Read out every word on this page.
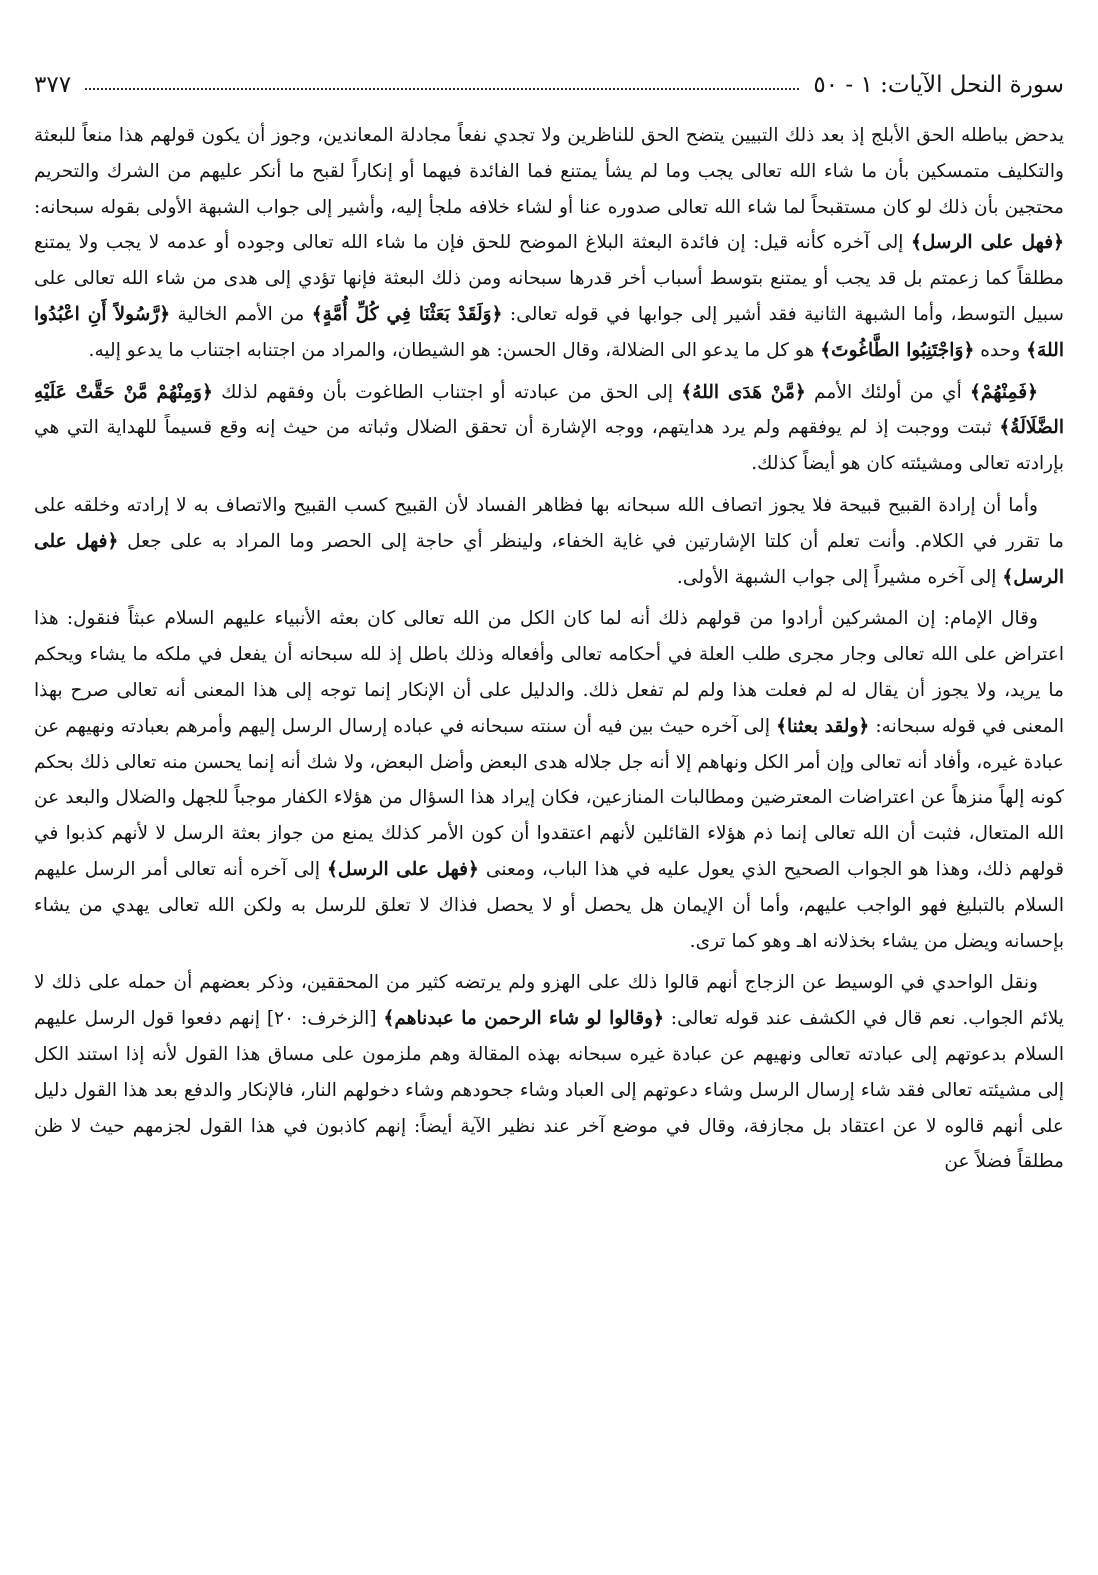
سورة النحل الآيات: ١ - ٥٠
٣٧٧

يدحض بباطله الحق الأبلج إذ بعد ذلك التبيين يتضح الحق للناظرين ولا تجدي نفعاً مجادلة المعاندين، وجوز أن يكون قولهم هذا منعاً للبعثة والتكليف متمسكين بأن ما شاء الله تعالى يجب وما لم يشأ يمتنع فما الفائدة فيهما أو إنكاراً لقبح ما أنكر عليهم من الشرك والتحريم محتجين بأن ذلك لو كان مستقبحاً لما شاء الله تعالى صدوره عنا أو لشاء خلافه ملجأ إليه، وأشير إلى جواب الشبهة الأولى بقوله سبحانه: ﴿فهل على الرسل﴾ إلى آخره كأنه قيل: إن فائدة البعثة البلاغ الموضح للحق فإن ما شاء الله تعالى وجوده أو عدمه لا يجب ولا يمتنع مطلقاً كما زعمتم بل قد يجب أو يمتنع بتوسط أسباب أخر قدرها سبحانه ومن ذلك البعثة فإنها تؤدي إلى هدى من شاء الله تعالى على سبيل التوسط، وأما الشبهة الثانية فقد أشير إلى جوابها في قوله تعالى: ﴿وَلَقَدْ بَعَثْنَا فِي كُلِّ أُمَّةٍ﴾ من الأمم الخالية ﴿رَّسُولاً أَنِ اعْبُدُوا اللهَ﴾ وحده ﴿وَاجْتَنِبُوا الطَّاغُوتَ﴾ هو كل ما يدعو الى الضلالة، وقال الحسن: هو الشيطان، والمراد من اجتنابه اجتناب ما يدعو إليه.

﴿فَمِنْهُمْ﴾ أي من أولئك الأمم ﴿مَّنْ هَدَى اللهُ﴾ إلى الحق من عبادته أو اجتناب الطاغوت بأن وفقهم لذلك ﴿وَمِنْهُمْ مَّنْ حَقَّتْ عَلَيْهِ الضَّلَالَةُ﴾ ثبتت ووجبت إذ لم يوفقهم ولم يرد هدايتهم، ووجه الإشارة أن تحقق الضلال وثباته من حيث إنه وقع قسيماً للهداية التي هي بإرادته تعالى ومشيئته كان هو أيضاً كذلك.

وأما أن إرادة القبيح قبيحة فلا يجوز اتصاف الله سبحانه بها فظاهر الفساد لأن القبيح كسب القبيح والاتصاف به لا إرادته وخلقه على ما تقرر في الكلام. وأنت تعلم أن كلتا الإشارتين في غاية الخفاء، ولينظر أي حاجة إلى الحصر وما المراد به على جعل ﴿فهل على الرسل﴾ إلى آخره مشيراً إلى جواب الشبهة الأولى.

وقال الإمام: إن المشركين أرادوا من قولهم ذلك أنه لما كان الكل من الله تعالى كان بعثه الأنبياء عليهم السلام عبثاً فنقول: هذا اعتراض على الله تعالى وجار مجرى طلب العلة في أحكامه تعالى وأفعاله وذلك باطل إذ لله سبحانه أن يفعل في ملكه ما يشاء ويحكم ما يريد، ولا يجوز أن يقال له لم فعلت هذا ولم لم تفعل ذلك. والدليل على أن الإنكار إنما توجه إلى هذا المعنى أنه تعالى صرح بهذا المعنى في قوله سبحانه: ﴿ولقد بعثنا﴾ إلى آخره حيث بين فيه أن سنته سبحانه في عباده إرسال الرسل إليهم وأمرهم بعبادته ونهيهم عن عبادة غيره، وأفاد أنه تعالى وإن أمر الكل ونهاهم إلا أنه جل جلاله هدى البعض وأضل البعض، ولا شك أنه إنما يحسن منه تعالى ذلك بحكم كونه إلهاً منزهاً عن اعتراضات المعترضين ومطالبات المنازعين، فكان إيراد هذا السؤال من هؤلاء الكفار موجباً للجهل والضلال والبعد عن الله المتعال، فثبت أن الله تعالى إنما ذم هؤلاء القائلين لأنهم اعتقدوا أن كون الأمر كذلك يمنع من جواز بعثة الرسل لا لأنهم كذبوا في قولهم ذلك، وهذا هو الجواب الصحيح الذي يعول عليه في هذا الباب، ومعنى ﴿فهل على الرسل﴾ إلى آخره أنه تعالى أمر الرسل عليهم السلام بالتبليغ فهو الواجب عليهم، وأما أن الإيمان هل يحصل أو لا يحصل فذاك لا تعلق للرسل به ولكن الله تعالى يهدي من يشاء بإحسانه ويضل من يشاء بخذلانه اهـ وهو كما ترى.

ونقل الواحدي في الوسيط عن الزجاج أنهم قالوا ذلك على الهزو ولم يرتضه كثير من المحققين، وذكر بعضهم أن حمله على ذلك لا يلائم الجواب. نعم قال في الكشف عند قوله تعالى: ﴿وقالوا لو شاء الرحمن ما عبدناهم﴾ [الزخرف: ٢٠] إنهم دفعوا قول الرسل عليهم السلام بدعوتهم إلى عبادته تعالى ونهيهم عن عبادة غيره سبحانه بهذه المقالة وهم ملزمون على مساق هذا القول لأنه إذا استند الكل إلى مشيئته تعالى فقد شاء إرسال الرسل وشاء دعوتهم إلى العباد وشاء جحودهم وشاء دخولهم النار، فالإنكار والدفع بعد هذا القول دليل على أنهم قالوه لا عن اعتقاد بل مجازفة، وقال في موضع آخر عند نظير الآية أيضاً: إنهم كاذبون في هذا القول لجزمهم حيث لا ظن مطلقاً فضلاً عن
